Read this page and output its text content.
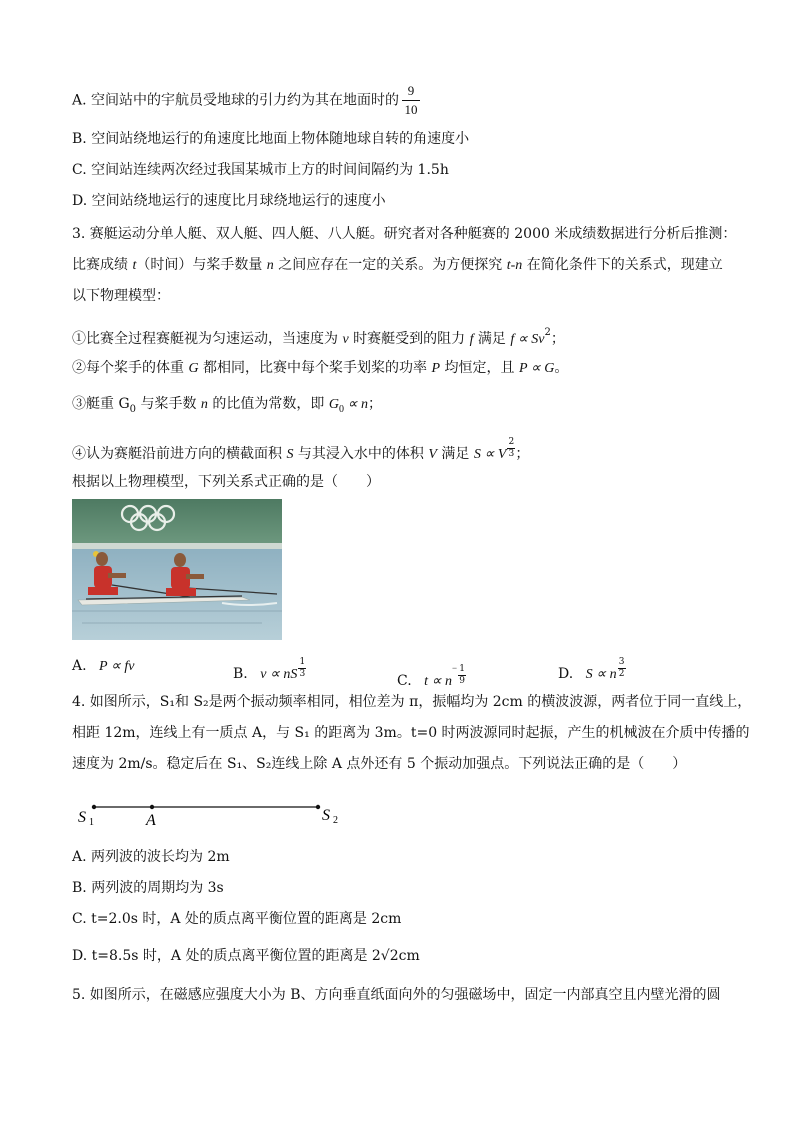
A. 空间站中的宇航员受地球的引力约为其在地面时的 $\frac{9}{10}$
B. 空间站绕地运行的角速度比地面上物体随地球自转的角速度小
C. 空间站连续两次经过我国某城市上方的时间间隔约为 1.5h
D. 空间站绕地运行的速度比月球绕地运行的速度小
3. 赛艇运动分单人艇、双人艇、四人艇、八人艇。研究者对各种艇赛的 2000 米成绩数据进行分析后推测：
比赛成绩 t（时间）与桨手数量 n 之间应存在一定的关系。为方便探究 t-n 在简化条件下的关系式，现建立
以下物理模型：
①比赛全过程赛艇视为匀速运动，当速度为 v 时赛艇受到的阻力 f 满足 $f \propto Sv^2$；
②每个桨手的体重 G 都相同，比赛中每个桨手划桨的功率 P 均恒定，且 P ∝ G。
③艇重 $G_0$ 与桨手数 n 的比值为常数，即 $G_0 \propto n$；
④认为赛艇沿前进方向的横截面积 S 与其浸入水中的体积 V 满足 S ∝ V $\frac{2}{3}$ ；
根据以上物理模型，下列关系式正确的是（　　）
A. P ∝ fv	B. v ∝ nS $\frac{1}{3}$
C. $t \propto n^- \frac{1}{9}$	D. S ∝ n $\frac{3}{2}$
4. 如图所示，S₁和 S₂是两个振动频率相同，相位差为 π，振幅均为 2cm 的横波波源，两者位于同一直线上，
相距 12m，连线上有一质点 A，与 S₁ 的距离为 3m。t=0 时两波源同时起振，产生的机械波在介质中传播的
速度为 2m/s。稳定后在 S₁、S₂连线上除 A 点外还有 5 个振动加强点。下列说法正确的是（　　）
S 1	A	S 2
A. 两列波的波长均为 2m
B. 两列波的周期均为 3s
C. t=2.0s 时，A 处的质点离平衡位置的距离是 2cm
D. t=8.5s 时，A 处的质点离平衡位置的距离是 2√2cm
5. 如图所示，在磁感应强度大小为 B、方向垂直纸面向外的匀强磁场中，固定一内部真空且内壁光滑的圆
